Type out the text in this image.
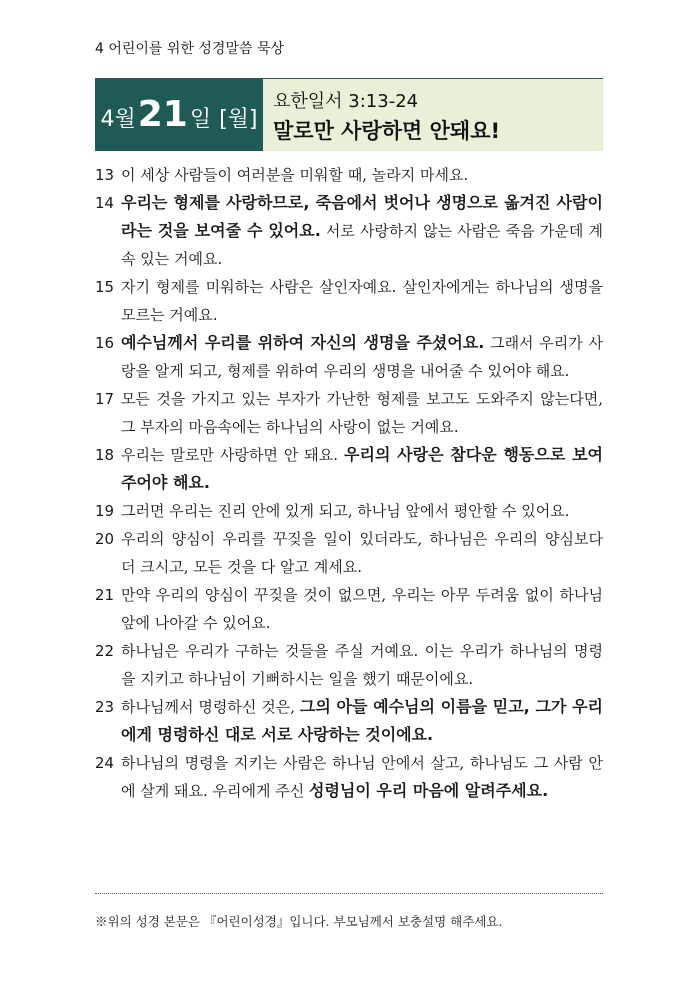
4 어린이를 위한 성경말씀 묵상
4월 21 일 [월]
요한일서 3:13-24
말로만 사랑하면 안돼요!
13 이 세상 사람들이 여러분을 미워할 때, 놀라지 마세요.
14 우리는 형제를 사랑하므로, 죽음에서 벗어나 생명으로 옮겨진 사람이라는 것을 보여줄 수 있어요. 서로 사랑하지 않는 사람은 죽음 가운데 계속 있는 거예요.
15 자기 형제를 미워하는 사람은 살인자예요. 살인자에게는 하나님의 생명을 모르는 거예요.
16 예수님께서 우리를 위하여 자신의 생명을 주셨어요. 그래서 우리가 사랑을 알게 되고, 형제를 위하여 우리의 생명을 내어줄 수 있어야 해요.
17 모든 것을 가지고 있는 부자가 가난한 형제를 보고도 도와주지 않는다면, 그 부자의 마음속에는 하나님의 사랑이 없는 거예요.
18 우리는 말로만 사랑하면 안 돼요. 우리의 사랑은 참다운 행동으로 보여 주어야 해요.
19 그러면 우리는 진리 안에 있게 되고, 하나님 앞에서 평안할 수 있어요.
20 우리의 양심이 우리를 꾸짖을 일이 있더라도, 하나님은 우리의 양심보다 더 크시고, 모든 것을 다 알고 계세요.
21 만약 우리의 양심이 꾸짖을 것이 없으면, 우리는 아무 두려움 없이 하나님 앞에 나아갈 수 있어요.
22 하나님은 우리가 구하는 것들을 주실 거예요. 이는 우리가 하나님의 명령을 지키고 하나님이 기뻐하시는 일을 했기 때문이에요.
23 하나님께서 명령하신 것은, 그의 아들 예수님의 이름을 믿고, 그가 우리에게 명령하신 대로 서로 사랑하는 것이에요.
24 하나님의 명령을 지키는 사람은 하나님 안에서 살고, 하나님도 그 사람 안에 살게 돼요. 우리에게 주신 성령님이 우리 마음에 알려주세요.
※위의 성경 본문은 『어린이성경』입니다. 부모님께서 보충설명 해주세요.
